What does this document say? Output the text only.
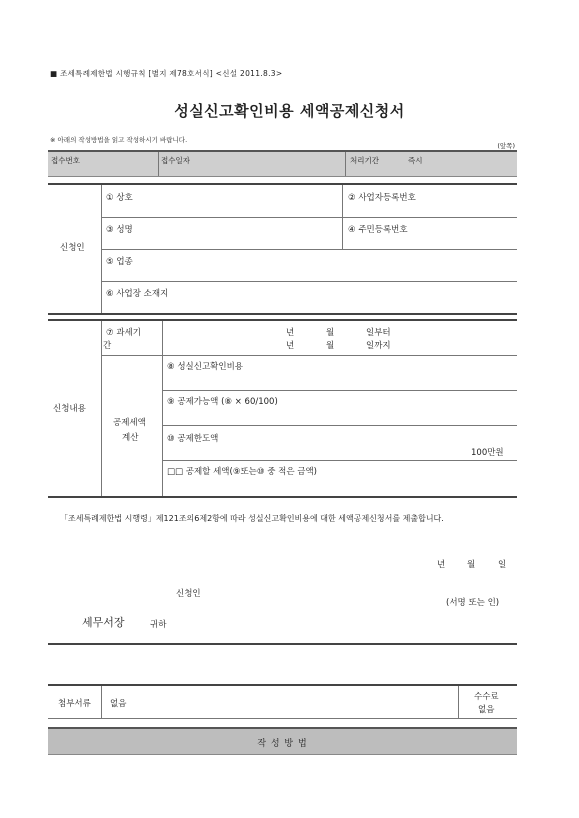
■ 조세특례제한법 시행규칙 [별지 제78호서식] <신설 2011.8.3>
성실신고확인비용 세액공제신청서
※ 아래의 작성방법을 읽고 작성하시기 바랍니다.
(앞쪽)
접수번호	접수일자	처리기간	즉시
신청인
① 상호	② 사업자등록번호
③ 성명	④ 주민등록번호
⑤ 업종
⑥ 사업장 소재지
신청내용
⑦ 과세기
간
년	월	일부터
년	월	일까지
공제세액
계산
⑧ 성실신고확인비용
⑨ 공제가능액 (⑧ × 60/100)
⑩ 공제한도액
100만원
□□ 공제할 세액(⑨또는⑩ 중 적은 금액)
「조세특례제한법 시행령」제121조의6제2항에 따라 성실신고확인비용에 대한 세액공제신청서를 제출합니다.
년	월	일
신청인
(서명 또는 인)
세무서장	귀하
첨부서류 없음
수수료
없음
작 성 방 법
